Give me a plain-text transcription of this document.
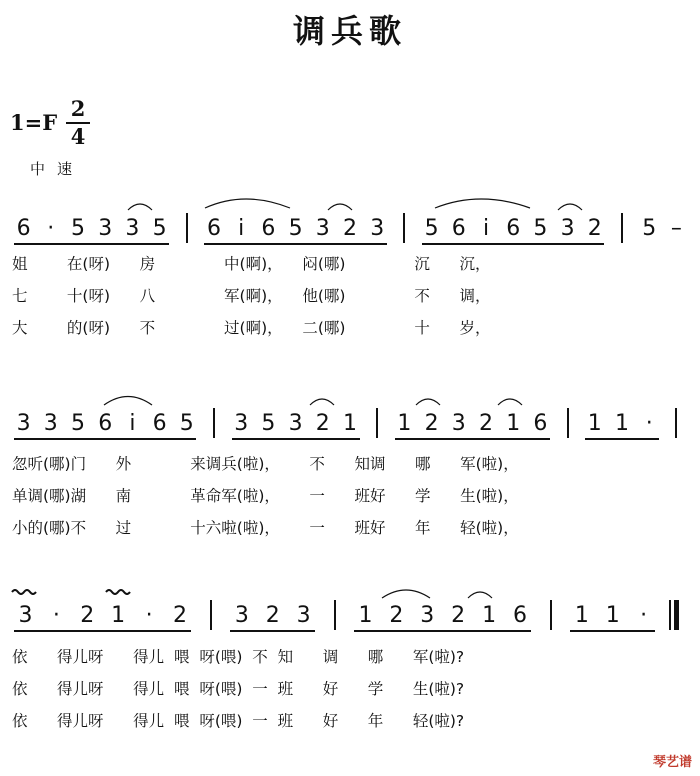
调兵歌
1=F
2
4
中速
6 · 5 3 3 5 6 i 6 5 3 2 3 5 6 i 6 5 3 2 5 –
姐        在(呀)      房              中(啊)，    闷(哪)              沉      沉，
七        十(呀)      八              军(啊)，    他(哪)              不      调，
大        的(呀)      不              过(啊)，    二(哪)              十      岁，
3 3 5 6 i 6 5 3 5 3 2 1 1 2 3 2 1 6 1 1 ·
忽听(哪)门      外            来调兵(啦)，      不      知调      哪      军(啦)，
单调(哪)湖      南            革命军(啦)，      一      班好      学      生(啦)，
小的(哪)不      过            十六啦(啦)，      一      班好      年      轻(啦)，
3 · 2 1 · 2 3 2 3 1 2 3 2 1 6 1 1 ·
依      得儿呀      得儿  喂  呀(喂)  不  知      调      哪      军(啦)?
依      得儿呀      得儿  喂  呀(喂)  一  班      好      学      生(啦)?
依      得儿呀      得儿  喂  呀(喂)  一  班      好      年      轻(啦)?
琴艺谱
